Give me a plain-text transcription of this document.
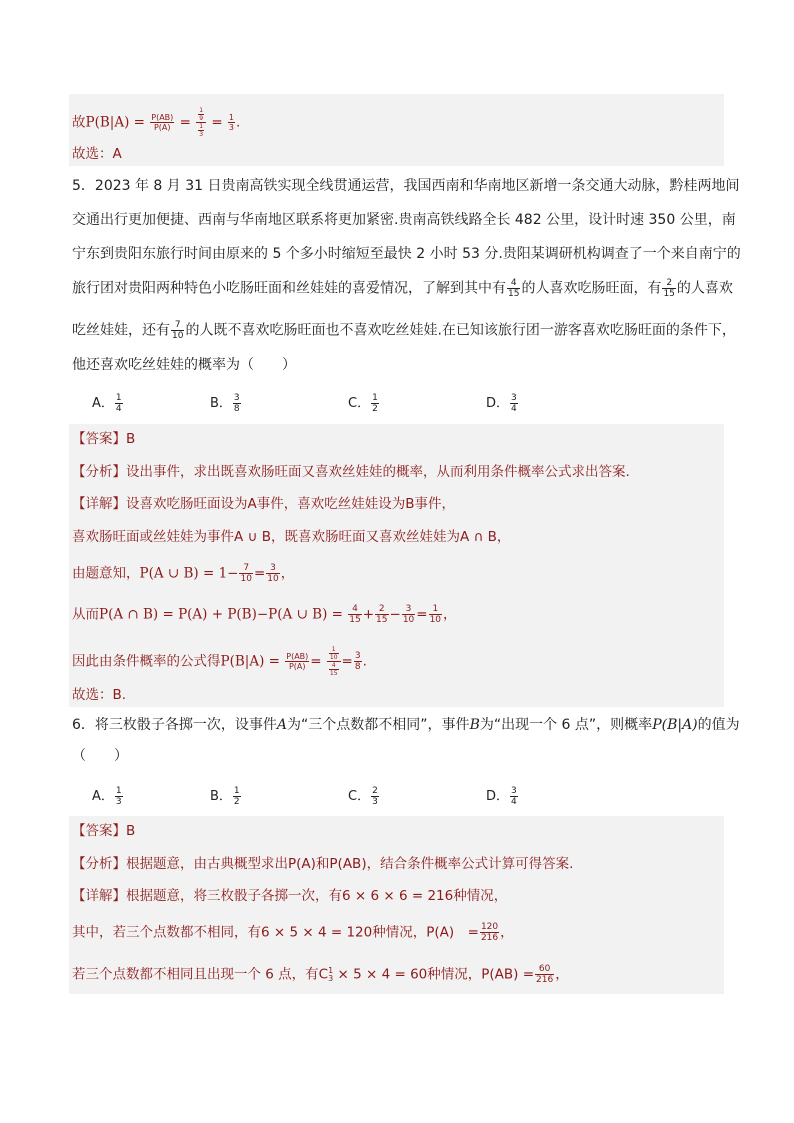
故$P(B|A) = \frac{P(AB)}{P(A)} = \frac{\frac{1}{9}}{\frac{1}{3}} = \frac{1}{3}$ .
故选：A
5．2023 年 8 月 31 日贵南高铁实现全线贯通运营，我国西南和华南地区新增一条交通大动脉，黔桂两地间
交通出行更加便捷、西南与华南地区联系将更加紧密.贵南高铁线路全长 482 公里，设计时速 350 公里，南
宁东到贵阳东旅行时间由原来的 5 个多小时缩短至最快 2 小时 53 分.贵阳某调研机构调查了一个来自南宁的
旅行团对贵阳两种特色小吃肠旺面和丝娃娃的喜爱情况，了解到其中有 $\frac{4}{15}$ 的人喜欢吃肠旺面，有 $\frac{2}{15}$ 的人喜欢
吃丝娃娃，还有 $\frac{7}{10}$ 的人既不喜欢吃肠旺面也不喜欢吃丝娃娃.在已知该旅行团一游客喜欢吃肠旺面的条件下，
他还喜欢吃丝娃娃的概率为（　　）
A． $\frac{1}{4}$	B． $\frac{3}{8}$	C． $\frac{1}{2}$	D． $\frac{3}{4}$
【答案】B
【分析】设出事件，求出既喜欢肠旺面又喜欢丝娃娃的概率，从而利用条件概率公式求出答案.
【详解】设喜欢吃肠旺面设为A事件，喜欢吃丝娃娃设为B事件，
喜欢肠旺面或丝娃娃为事件A ∪ B，既喜欢肠旺面又喜欢丝娃娃为A ∩ B，
由题意知，P(A ∪ $B) = 1- \frac{7}{10} = \frac{3}{10}$ ，
从而P(A ∩ B) = P(A) + P(B)−P(A ∪ $B) = \frac{4}{15} + \frac{2}{15} - \frac{3}{10} = \frac{1}{10}$ ，
因此由条件概率的公式得$P(B|A) = \frac{P(AB)}{P(A)} = \frac{\frac{1}{10}}{\frac{4}{15}} = \frac{3}{8}$ .
故选：B.
6．将三枚骰子各掷一次，设事件A为“三个点数都不相同”，事件B为“出现一个 6 点”，则概率P(B|A)的值为
（　　）
A． $\frac{1}{3}$	B． $\frac{1}{2}$	C． $\frac{2}{3}$	D． $\frac{3}{4}$
【答案】B
【分析】根据题意，由古典概型求出P(A)和P(AB)，结合条件概率公式计算可得答案.
【详解】根据题意，将三枚骰子各掷一次，有6 × 6 × 6 = 216种情况，
其中，若三个点数都不相同，有6 × 5 × 4 = 120种情况，P(A)　= $\frac{120}{216}$ ，
若三个点数都不相同且出现一个 6 点，有C 1
3 × 5 × 4 = 60种情况，$P(AB) = \frac{60}{216}$ ，
